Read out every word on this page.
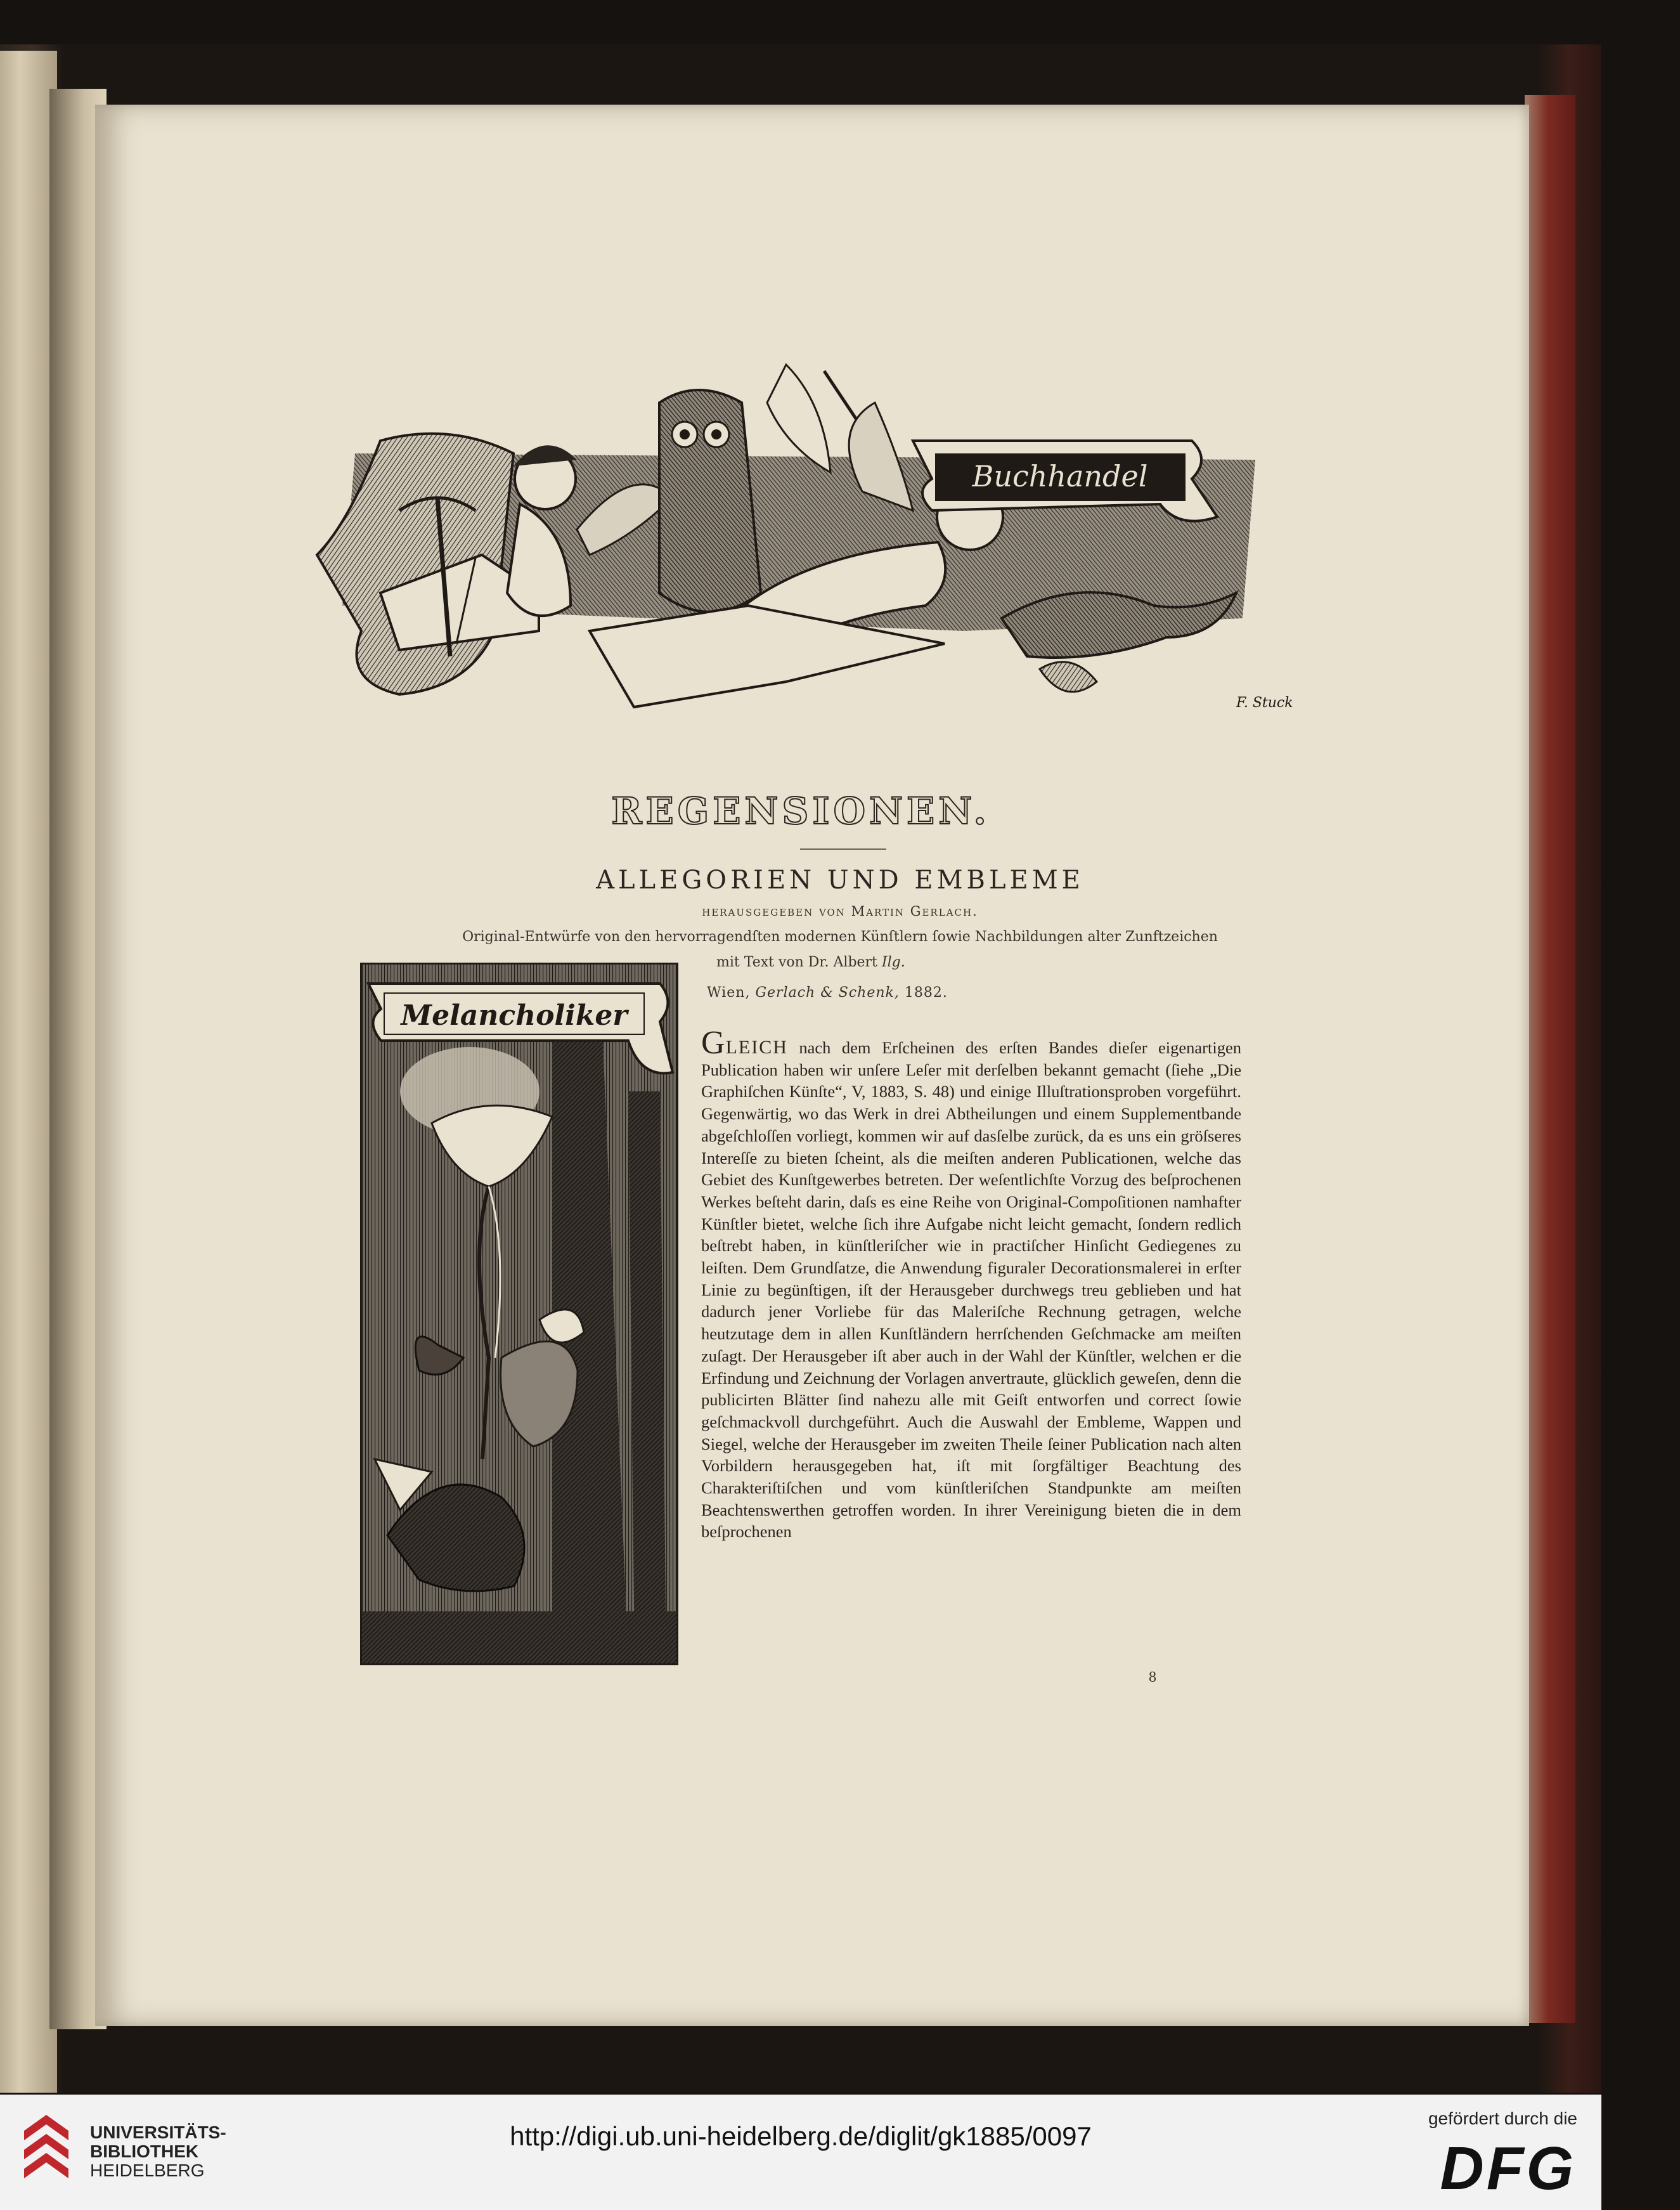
Buchhandel
F. Stuck
REGENSIONEN.
ALLEGORIEN UND EMBLEME
herausgegeben von Martin Gerlach.
Original-Entwürfe von den hervorragendſten modernen Künſtlern ſowie Nachbildungen alter Zunftzeichen
mit Text von Dr. Albert Ilg.
Wien, Gerlach & Schenk, 1882.
Melancholiker
GLEICH nach dem Erſcheinen des erſten Bandes dieſer eigenartigen Publication haben wir unſere Leſer mit derſelben bekannt gemacht (ſiehe „Die Graphiſchen Künſte“, V, 1883, S. 48) und einige Illuſtrationsproben vorgeführt. Gegenwärtig, wo das Werk in drei Abtheilungen und einem Supplementbande abgeſchloſſen vorliegt, kommen wir auf dasſelbe zurück, da es uns ein gröſseres Intereſſe zu bieten ſcheint, als die meiſten anderen Publicationen, welche das Gebiet des Kunſtgewerbes betreten. Der weſentlichſte Vorzug des beſprochenen Werkes beſteht darin, daſs es eine Reihe von Original-Compoſitionen namhafter Künſtler bietet, welche ſich ihre Aufgabe nicht leicht gemacht, ſondern redlich beſtrebt haben, in künſtleriſcher wie in practiſcher Hinſicht Gediegenes zu leiſten. Dem Grundſatze, die Anwendung figuraler Decorationsmalerei in erſter Linie zu begünſtigen, iſt der Herausgeber durchwegs treu geblieben und hat dadurch jener Vorliebe für das Maleriſche Rechnung getragen, welche heutzutage dem in allen Kunſtländern herrſchenden Geſchmacke am meiſten zuſagt. Der Herausgeber iſt aber auch in der Wahl der Künſtler, welchen er die Erfindung und Zeichnung der Vorlagen anvertraute, glücklich geweſen, denn die publicirten Blätter ſind nahezu alle mit Geiſt entworfen und correct ſowie geſchmackvoll durchgeführt. Auch die Auswahl der Embleme, Wappen und Siegel, welche der Herausgeber im zweiten Theile ſeiner Publication nach alten Vorbildern herausgegeben hat, iſt mit ſorgfältiger Beachtung des Charakteriſtiſchen und vom künſtleriſchen Standpunkte am meiſten Beachtenswerthen getroffen worden. In ihrer Vereinigung bieten die in dem beſprochenen
8
UNIVERSITÄTS-
BIBLIOTHEK
HEIDELBERG
http://digi.ub.uni-heidelberg.de/diglit/gk1885/0097
gefördert durch die
DFG
